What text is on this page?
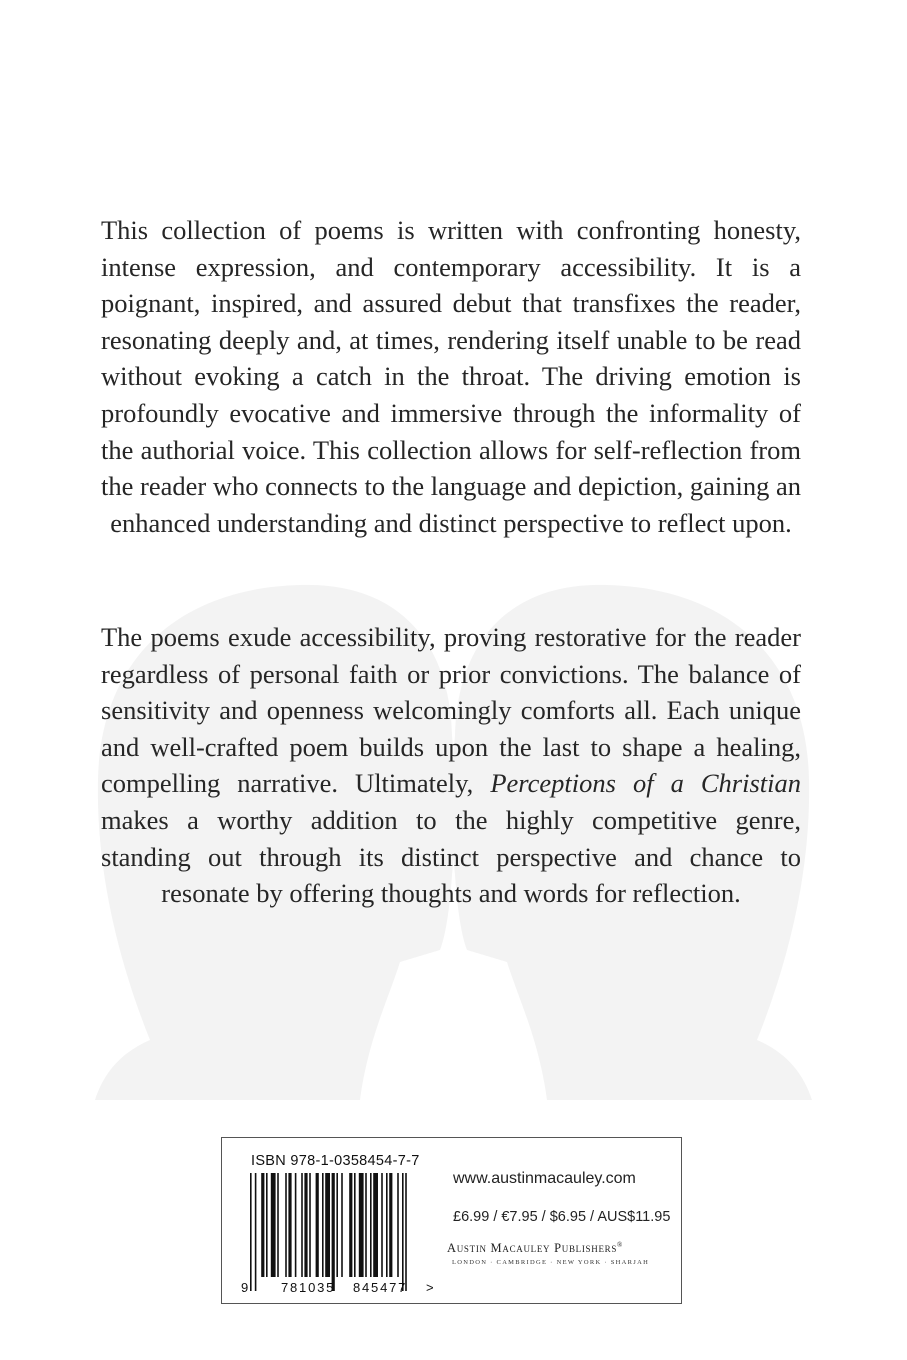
This collection of poems is written with confronting honesty, intense expression, and contemporary accessibility. It is a poignant, inspired, and assured debut that transfixes the reader, resonating deeply and, at times, rendering itself unable to be read without evoking a catch in the throat. The driving emotion is profoundly evocative and immersive through the informality of the authorial voice. This collection allows for self-reflection from the reader who connects to the language and depiction, gaining an enhanced understanding and distinct perspective to reflect upon.

The poems exude accessibility, proving restorative for the reader regardless of personal faith or prior convictions. The balance of sensitivity and openness welcomingly comforts all. Each unique and well-crafted poem builds upon the last to shape a healing, compelling narrative. Ultimately, Perceptions of a Christian makes a worthy addition to the highly competitive genre, standing out through its distinct perspective and chance to resonate by offering thoughts and words for reflection.

ISBN 978-1-0358454-7-7
9	781035 845477 >
www.austinmacauley.com
£6.99 / €7.95 / $6.95 / AUS$11.95
Austin Macauley Publishers®
LONDON · CAMBRIDGE · NEW YORK · SHARJAH
